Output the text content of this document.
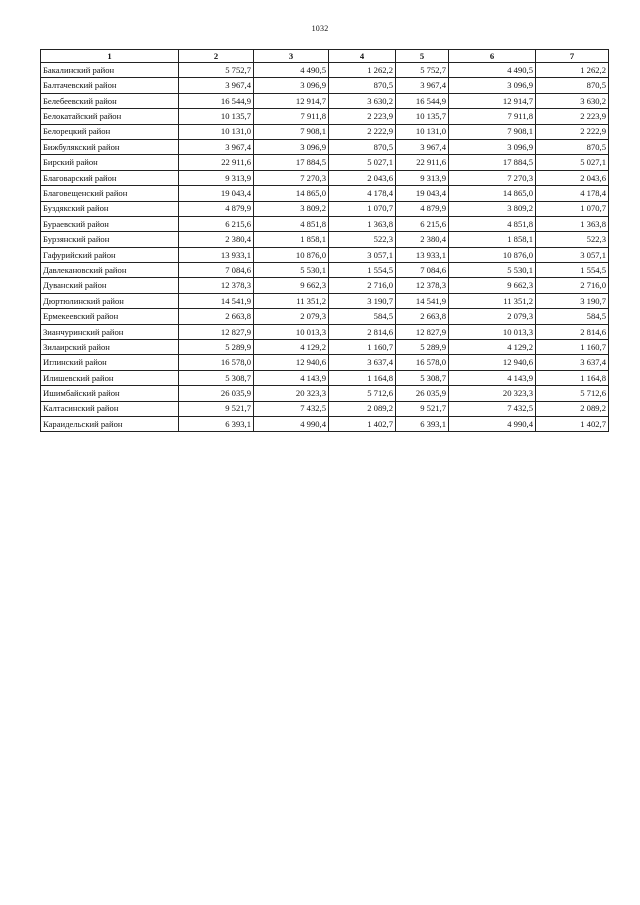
1032
1	2	3	4	5	6	7
Бакалинский район	5 752,7	4 490,5	1 262,2	5 752,7	4 490,5	1 262,2
Балтачевский район	3 967,4	3 096,9	870,5	3 967,4	3 096,9	870,5
Белебеевский район	16 544,9	12 914,7	3 630,2	16 544,9	12 914,7	3 630,2
Белокатайский район	10 135,7	7 911,8	2 223,9	10 135,7	7 911,8	2 223,9
Белорецкий район	10 131,0	7 908,1	2 222,9	10 131,0	7 908,1	2 222,9
Бижбулякский район	3 967,4	3 096,9	870,5	3 967,4	3 096,9	870,5
Бирский район	22 911,6	17 884,5	5 027,1	22 911,6	17 884,5	5 027,1
Благоварский район	9 313,9	7 270,3	2 043,6	9 313,9	7 270,3	2 043,6
Благовещенский район	19 043,4	14 865,0	4 178,4	19 043,4	14 865,0	4 178,4
Буздякский район	4 879,9	3 809,2	1 070,7	4 879,9	3 809,2	1 070,7
Бураевский район	6 215,6	4 851,8	1 363,8	6 215,6	4 851,8	1 363,8
Бурзянский район	2 380,4	1 858,1	522,3	2 380,4	1 858,1	522,3
Гафурийский район	13 933,1	10 876,0	3 057,1	13 933,1	10 876,0	3 057,1
Давлекановский район	7 084,6	5 530,1	1 554,5	7 084,6	5 530,1	1 554,5
Дуванский район	12 378,3	9 662,3	2 716,0	12 378,3	9 662,3	2 716,0
Дюртюлинский район	14 541,9	11 351,2	3 190,7	14 541,9	11 351,2	3 190,7
Ермекеевский район	2 663,8	2 079,3	584,5	2 663,8	2 079,3	584,5
Зианчуринский район	12 827,9	10 013,3	2 814,6	12 827,9	10 013,3	2 814,6
Зилаирский район	5 289,9	4 129,2	1 160,7	5 289,9	4 129,2	1 160,7
Иглинский район	16 578,0	12 940,6	3 637,4	16 578,0	12 940,6	3 637,4
Илишевский район	5 308,7	4 143,9	1 164,8	5 308,7	4 143,9	1 164,8
Ишимбайский район	26 035,9	20 323,3	5 712,6	26 035,9	20 323,3	5 712,6
Калтасинский район	9 521,7	7 432,5	2 089,2	9 521,7	7 432,5	2 089,2
Караидельский район	6 393,1	4 990,4	1 402,7	6 393,1	4 990,4	1 402,7
